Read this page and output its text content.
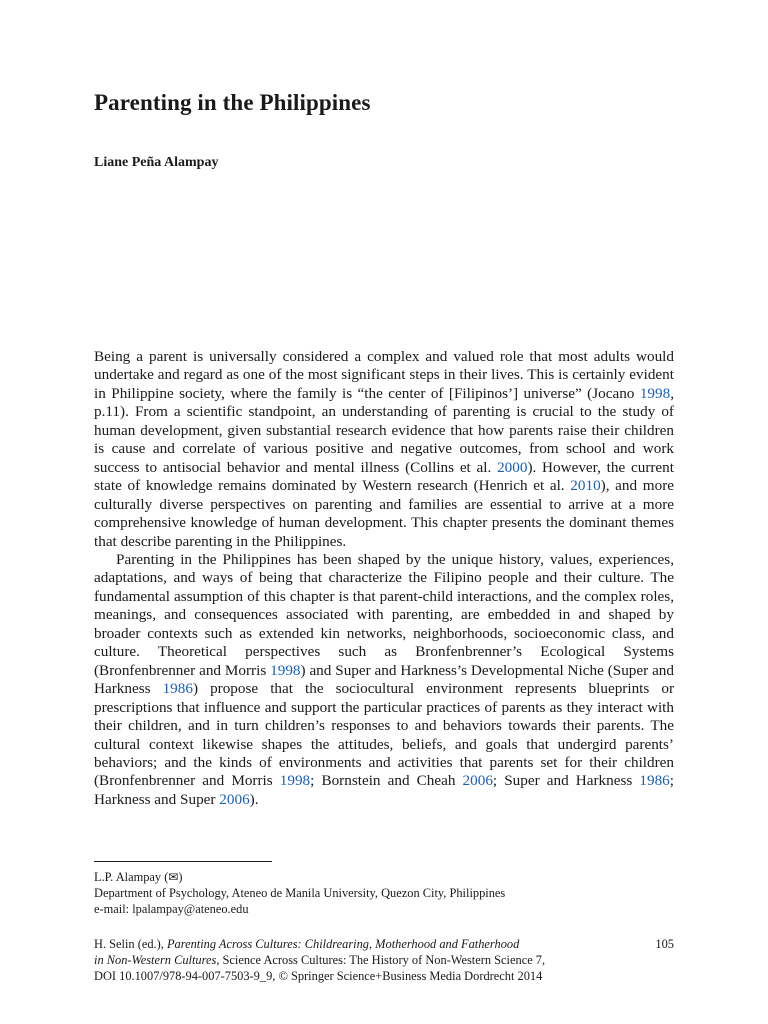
Parenting in the Philippines

Liane Peña Alampay

Being a parent is universally considered a complex and valued role that most adults would undertake and regard as one of the most significant steps in their lives. This is certainly evident in Philippine society, where the family is “the center of [Filipinos’] universe” (Jocano 1998, p.11). From a scientific standpoint, an understanding of parenting is crucial to the study of human development, given substantial research evidence that how parents raise their children is cause and correlate of various positive and negative outcomes, from school and work success to antisocial behavior and mental illness (Collins et al. 2000). However, the current state of knowledge remains dominated by Western research (Henrich et al. 2010), and more culturally diverse perspectives on parenting and families are essential to arrive at a more comprehensive knowledge of human development. This chapter presents the dominant themes that describe parenting in the Philippines.

Parenting in the Philippines has been shaped by the unique history, values, experiences, adaptations, and ways of being that characterize the Filipino people and their culture. The fundamental assumption of this chapter is that parent-child interactions, and the complex roles, meanings, and consequences associated with parenting, are embedded in and shaped by broader contexts such as extended kin networks, neighborhoods, socioeconomic class, and culture. Theoretical perspectives such as Bronfenbrenner’s Ecological Systems (Bronfenbrenner and Morris 1998) and Super and Harkness’s Developmental Niche (Super and Harkness 1986) propose that the sociocultural environment represents blueprints or prescriptions that influence and support the particular practices of parents as they interact with their children, and in turn children’s responses to and behaviors towards their parents. The cultural context likewise shapes the attitudes, beliefs, and goals that undergird parents’ behaviors; and the kinds of environments and activities that parents set for their children (Bronfenbrenner and Morris 1998; Bornstein and Cheah 2006; Super and Harkness 1986; Harkness and Super 2006).

L.P. Alampay (✉)
Department of Psychology, Ateneo de Manila University, Quezon City, Philippines
e-mail: lpalampay@ateneo.edu
H. Selin (ed.), Parenting Across Cultures: Childrearing, Motherhood and Fatherhood	105
in Non-Western Cultures, Science Across Cultures: The History of Non-Western Science 7,
DOI 10.1007/978-94-007-7503-9_9, © Springer Science+Business Media Dordrecht 2014
